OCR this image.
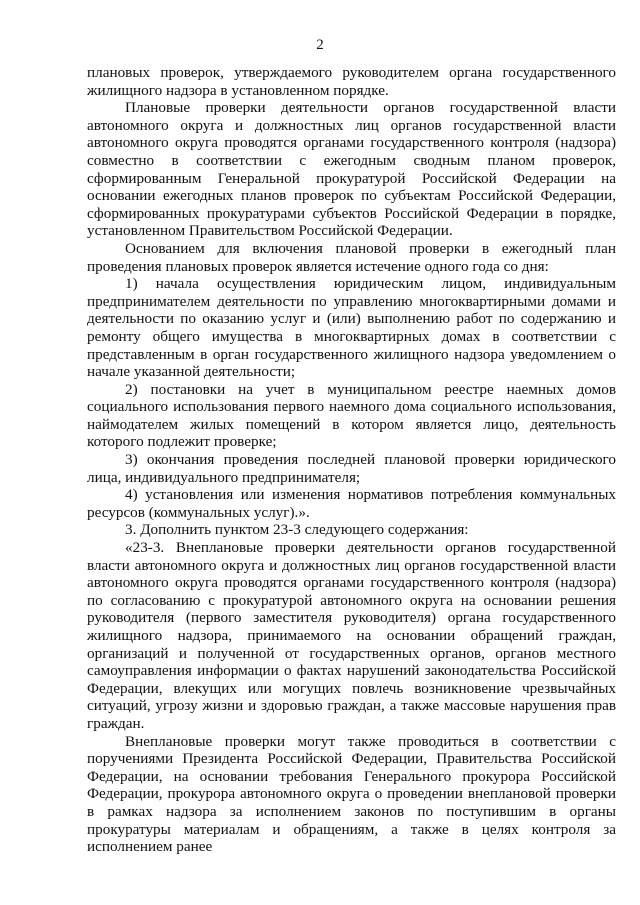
2

плановых проверок, утверждаемого руководителем органа государственного жилищного надзора в установленном порядке.

Плановые проверки деятельности органов государственной власти автономного округа и должностных лиц органов государственной власти автономного округа проводятся органами государственного контроля (надзора) совместно в соответствии с ежегодным сводным планом проверок, сформированным Генеральной прокуратурой Российской Федерации на основании ежегодных планов проверок по субъектам Российской Федерации, сформированных прокуратурами субъектов Российской Федерации в порядке, установленном Правительством Российской Федерации.

Основанием для включения плановой проверки в ежегодный план проведения плановых проверок является истечение одного года со дня:

1) начала осуществления юридическим лицом, индивидуальным предпринимателем деятельности по управлению многоквартирными домами и деятельности по оказанию услуг и (или) выполнению работ по содержанию и ремонту общего имущества в многоквартирных домах в соответствии с представленным в орган государственного жилищного надзора уведомлением о начале указанной деятельности;

2) постановки на учет в муниципальном реестре наемных домов социального использования первого наемного дома социального использования, наймодателем жилых помещений в котором является лицо, деятельность которого подлежит проверке;

3) окончания проведения последней плановой проверки юридического лица, индивидуального предпринимателя;

4) установления или изменения нормативов потребления коммунальных ресурсов (коммунальных услуг).».

3. Дополнить пунктом 23-3 следующего содержания:

«23-3. Внеплановые проверки деятельности органов государственной власти автономного округа и должностных лиц органов государственной власти автономного округа проводятся органами государственного контроля (надзора) по согласованию с прокуратурой автономного округа на основании решения руководителя (первого заместителя руководителя) органа государственного жилищного надзора, принимаемого на основании обращений граждан, организаций и полученной от государственных органов, органов местного самоуправления информации о фактах нарушений законодательства Российской Федерации, влекущих или могущих повлечь возникновение чрезвычайных ситуаций, угрозу жизни и здоровью граждан, а также массовые нарушения прав граждан.

Внеплановые проверки могут также проводиться в соответствии с поручениями Президента Российской Федерации, Правительства Российской Федерации, на основании требования Генерального прокурора Российской Федерации, прокурора автономного округа о проведении внеплановой проверки в рамках надзора за исполнением законов по поступившим в органы прокуратуры материалам и обращениям, а также в целях контроля за исполнением ранее
